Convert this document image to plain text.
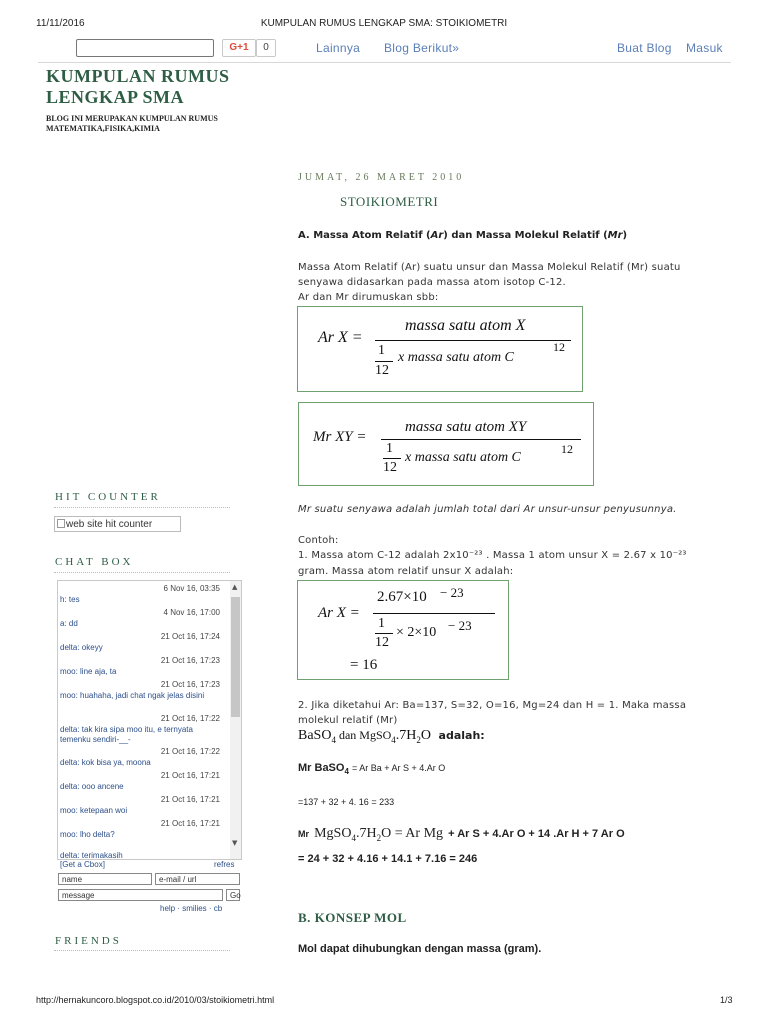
11/11/2016	KUMPULAN RUMUS LENGKAP SMA: STOIKIOMETRI
G+1	0	Lainnya Blog Berikut»	Buat Blog Masuk
KUMPULAN RUMUS
LENGKAP SMA
BLOG INI MERUPAKAN KUMPULAN RUMUS
MATEMATIKA,FISIKA,KIMIA
HIT COUNTER
web site hit counter
CHAT BOX
6 Nov 16, 03:35
h: tes
4 Nov 16, 17:00
a: dd
21 Oct 16, 17:24
delta: okeyy
21 Oct 16, 17:23
moo: line aja, ta
21 Oct 16, 17:23
moo: huahaha, jadi chat ngak jelas disini
21 Oct 16, 17:22
delta: tak kira sipa moo itu, e ternyata temenku sendiri-__-
21 Oct 16, 17:22
delta: kok bisa ya, moona
21 Oct 16, 17:21
delta: ooo ancene
21 Oct 16, 17:21
moo: ketepaan woi
21 Oct 16, 17:21
moo: lho delta?
delta: terimakasih
▲
▼
[Get a Cbox]	refres
name	e-mail / url
message	Go
help · smilies · cb
FRIENDS
JUMAT, 26 MARET 2010
STOIKIOMETRI
A. Massa Atom Relatif (Ar) dan Massa Molekul Relatif (Mr)
Massa Atom Relatif (Ar) suatu unsur dan Massa Molekul Relatif (Mr) suatu
senyawa didasarkan pada massa atom isotop C-12.
Ar dan Mr dirumuskan sbb:
Ar X =
massa satu atom X
1
12
x massa satu atom C
12
Mr XY =
massa satu atom XY
1
12
x massa satu atom C
12
Mr suatu senyawa adalah jumlah total dari Ar unsur-unsur penyusunnya.
Contoh:
1. Massa atom C-12 adalah 2x10⁻²³ . Massa 1 atom unsur X = 2.67 x 10⁻²³
gram. Massa atom relatif unsur X adalah:
Ar X =
2.67×10 − 23
1
12
× 2×10 − 23
= 16
2. Jika diketahui Ar: Ba=137, S=32, O=16, Mg=24 dan H = 1. Maka massa
molekul relatif (Mr)
BaSO$_4$ dan $MgSO_4.7H_2O$ adalah:
Mr BaSO$_4$ = Ar Ba + Ar S + 4.Ar O
=137 + 32 + 4. 16 = 233
Mr $MgSO_4.7H_2O = Ar$ Mg + Ar S + 4.Ar O + 14 .Ar H + 7 Ar O
= 24 + 32 + 4.16 + 14.1 + 7.16 = 246
B. KONSEP MOL
Mol dapat dihubungkan dengan massa (gram).
http://hernakuncoro.blogspot.co.id/2010/03/stoikiometri.html	1/3
